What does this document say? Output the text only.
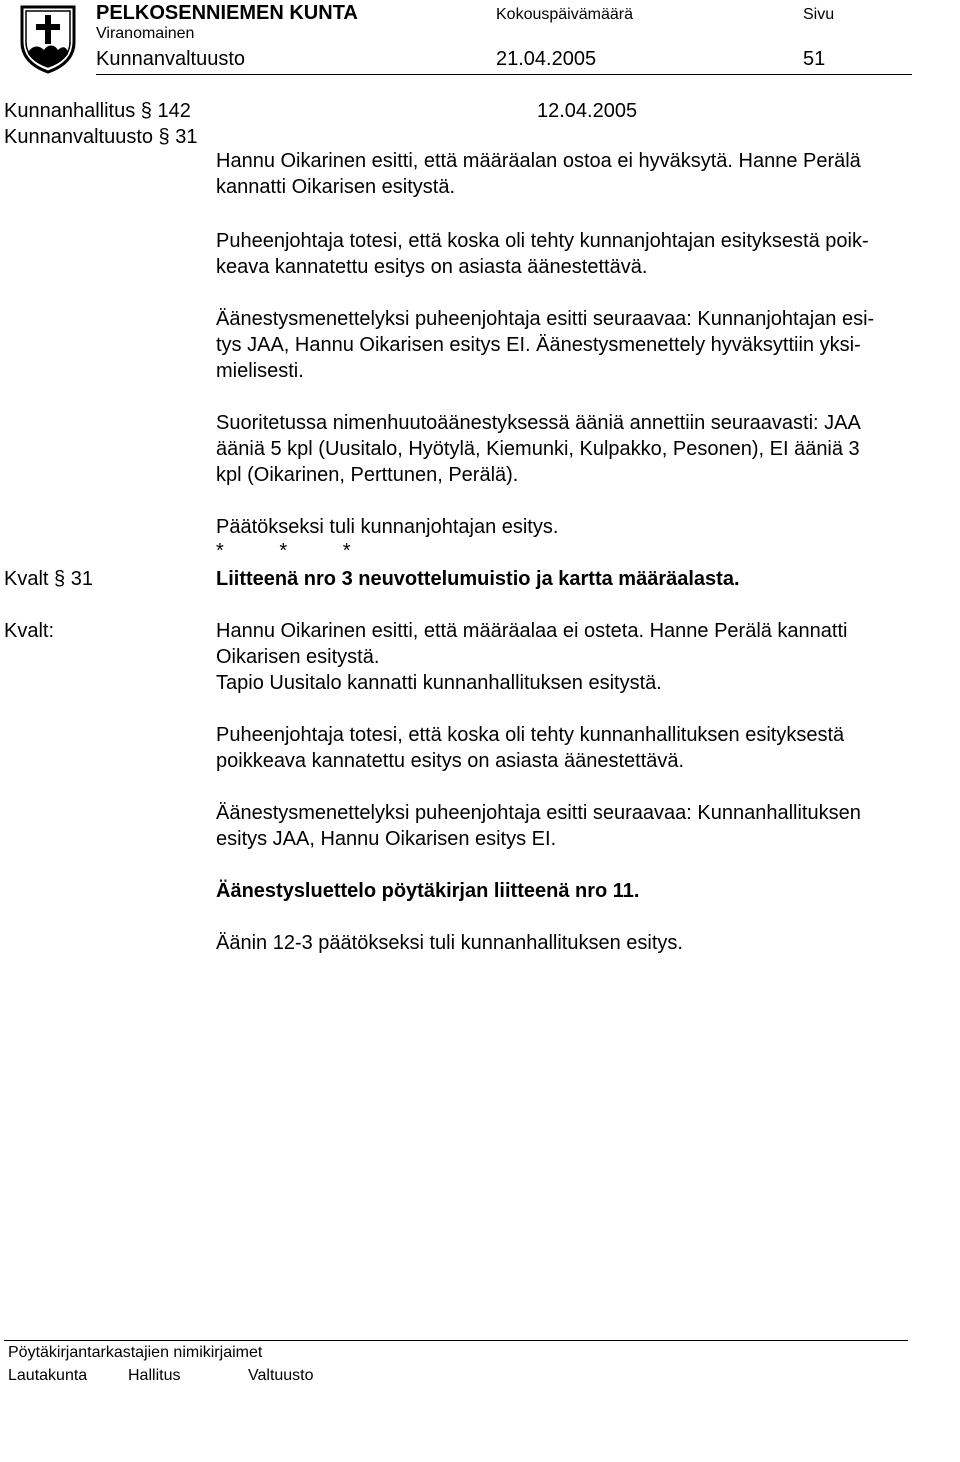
PELKOSENNIEMEN KUNTA
Viranomainen
Kunnanvaltuusto
Kokouspäivämäärä
21.04.2005
Sivu
51
Kunnanhallitus § 142	12.04.2005
Kunnanvaltuusto § 31
Hannu Oikarinen esitti, että määräalan ostoa ei hyväksytä. Hanne Perälä
kannatti Oikarisen esitystä.
Puheenjohtaja totesi, että koska oli tehty kunnanjohtajan esityksestä poik-
keava kannatettu esitys on asiasta äänestettävä.
Äänestysmenettelyksi puheenjohtaja esitti seuraavaa: Kunnanjohtajan esi-
tys JAA, Hannu Oikarisen esitys EI. Äänestysmenettely hyväksyttiin yksi-
mielisesti.
Suoritetussa nimenhuutoäänestyksessä ääniä annettiin seuraavasti: JAA
ääniä 5 kpl (Uusitalo, Hyötylä, Kiemunki, Kulpakko, Pesonen), EI ääniä 3
kpl (Oikarinen, Perttunen, Perälä).
Päätökseksi tuli kunnanjohtajan esitys.
*          *          *
Kvalt § 31	Liitteenä nro 3 neuvottelumuistio ja kartta määräalasta.
Kvalt:	Hannu Oikarinen esitti, että määräalaa ei osteta. Hanne Perälä kannatti
Oikarisen esitystä.
Tapio Uusitalo kannatti kunnanhallituksen esitystä.
Puheenjohtaja totesi, että koska oli tehty kunnanhallituksen esityksestä
poikkeava kannatettu esitys on asiasta äänestettävä.
Äänestysmenettelyksi puheenjohtaja esitti seuraavaa: Kunnanhallituksen
esitys JAA, Hannu Oikarisen esitys EI.
Äänestysluettelo pöytäkirjan liitteenä nro 11.
Äänin 12-3 päätökseksi tuli kunnanhallituksen esitys.
Pöytäkirjantarkastajien nimikirjaimet
Lautakunta	Hallitus	Valtuusto
